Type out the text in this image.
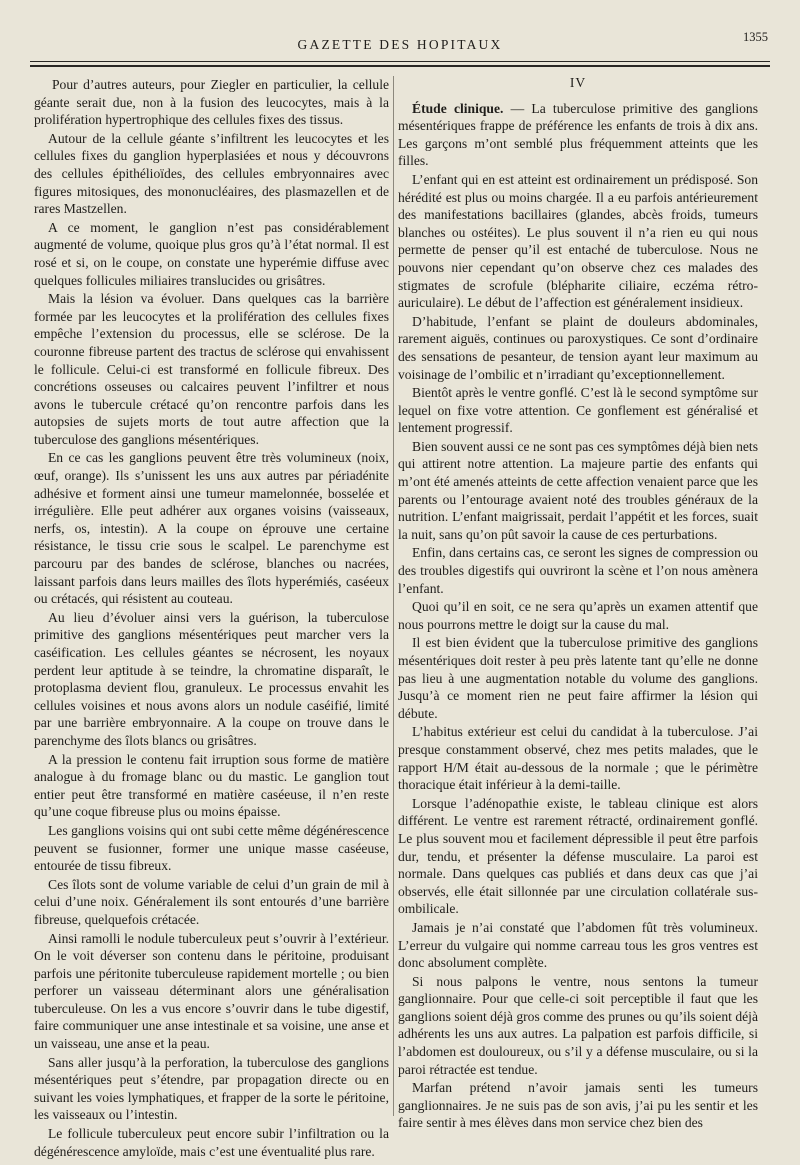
GAZETTE DES HOPITAUX	1355

Pour d’autres auteurs, pour Ziegler en particulier, la cellule géante serait due, non à la fusion des leucocytes, mais à la prolifération hypertrophique des cellules fixes des tissus.

Autour de la cellule géante s’infiltrent les leucocytes et les cellules fixes du ganglion hyperplasiées et nous y découvrons des cellules épithélioïdes, des cellules embryonnaires avec figures mitosiques, des mononucléaires, des plasmazellen et de rares Mastzellen.

A ce moment, le ganglion n’est pas considérablement augmenté de volume, quoique plus gros qu’à l’état normal. Il est rosé et si, on le coupe, on constate une hyperémie diffuse avec quelques follicules miliaires translucides ou grisâtres.

Mais la lésion va évoluer. Dans quelques cas la barrière formée par les leucocytes et la prolifération des cellules fixes empêche l’extension du processus, elle se sclérose. De la couronne fibreuse partent des tractus de sclérose qui envahissent le follicule. Celui-ci est transformé en follicule fibreux. Des concrétions osseuses ou calcaires peuvent l’infiltrer et nous avons le tubercule crétacé qu’on rencontre parfois dans les autopsies de sujets morts de tout autre affection que la tuberculose des ganglions mésentériques.

En ce cas les ganglions peuvent être très volumineux (noix, œuf, orange). Ils s’unissent les uns aux autres par périadénite adhésive et forment ainsi une tumeur mamelonnée, bosselée et irrégulière. Elle peut adhérer aux organes voisins (vaisseaux, nerfs, os, intestin). A la coupe on éprouve une certaine résistance, le tissu crie sous le scalpel. Le parenchyme est parcouru par des bandes de sclérose, blanches ou nacrées, laissant parfois dans leurs mailles des îlots hyperémiés, caséeux ou crétacés, qui résistent au couteau.

Au lieu d’évoluer ainsi vers la guérison, la tuberculose primitive des ganglions mésentériques peut marcher vers la caséification. Les cellules géantes se nécrosent, les noyaux perdent leur aptitude à se teindre, la chromatine disparaît, le protoplasma devient flou, granuleux. Le processus envahit les cellules voisines et nous avons alors un nodule caséifié, limité par une barrière embryonnaire. A la coupe on trouve dans le parenchyme des îlots blancs ou grisâtres.

A la pression le contenu fait irruption sous forme de matière analogue à du fromage blanc ou du mastic. Le ganglion tout entier peut être transformé en matière caséeuse, il n’en reste qu’une coque fibreuse plus ou moins épaisse.

Les ganglions voisins qui ont subi cette même dégénérescence peuvent se fusionner, former une unique masse caséeuse, entourée de tissu fibreux.

Ces îlots sont de volume variable de celui d’un grain de mil à celui d’une noix. Généralement ils sont entourés d’une barrière fibreuse, quelquefois crétacée.

Ainsi ramolli le nodule tuberculeux peut s’ouvrir à l’extérieur. On le voit déverser son contenu dans le péritoine, produisant parfois une péritonite tuberculeuse rapidement mortelle ; ou bien perforer un vaisseau déterminant alors une généralisation tuberculeuse. On les a vus encore s’ouvrir dans le tube digestif, faire communiquer une anse intestinale et sa voisine, une anse et un vaisseau, une anse et la peau.

Sans aller jusqu’à la perforation, la tuberculose des ganglions mésentériques peut s’étendre, par propagation directe ou en suivant les voies lymphatiques, et frapper de la sorte le péritoine, les vaisseaux ou l’intestin.

Le follicule tuberculeux peut encore subir l’infiltration ou la dégénérescence amyloïde, mais c’est une éventualité plus rare.

IV

Étude clinique. — La tuberculose primitive des ganglions mésentériques frappe de préférence les enfants de trois à dix ans. Les garçons m’ont semblé plus fréquemment atteints que les filles.

L’enfant qui en est atteint est ordinairement un prédisposé. Son hérédité est plus ou moins chargée. Il a eu parfois antérieurement des manifestations bacillaires (glandes, abcès froids, tumeurs blanches ou ostéites). Le plus souvent il n’a rien eu qui nous permette de penser qu’il est entaché de tuberculose. Nous ne pouvons nier cependant qu’on observe chez ces malades des stigmates de scrofule (blépharite ciliaire, eczéma rétro-auriculaire). Le début de l’affection est généralement insidieux.

D’habitude, l’enfant se plaint de douleurs abdominales, rarement aiguës, continues ou paroxystiques. Ce sont d’ordinaire des sensations de pesanteur, de tension ayant leur maximum au voisinage de l’ombilic et n’irradiant qu’exceptionnellement.

Bientôt après le ventre gonflé. C’est là le second symptôme sur lequel on fixe votre attention. Ce gonflement est généralisé et lentement progressif.

Bien souvent aussi ce ne sont pas ces symptômes déjà bien nets qui attirent notre attention. La majeure partie des enfants qui m’ont été amenés atteints de cette affection venaient parce que les parents ou l’entourage avaient noté des troubles généraux de la nutrition. L’enfant maigrissait, perdait l’appétit et les forces, suait la nuit, sans qu’on pût savoir la cause de ces perturbations.

Enfin, dans certains cas, ce seront les signes de compression ou des troubles digestifs qui ouvriront la scène et l’on nous amènera l’enfant.

Quoi qu’il en soit, ce ne sera qu’après un examen attentif que nous pourrons mettre le doigt sur la cause du mal.

Il est bien évident que la tuberculose primitive des ganglions mésentériques doit rester à peu près latente tant qu’elle ne donne pas lieu à une augmentation notable du volume des ganglions. Jusqu’à ce moment rien ne peut faire affirmer la lésion qui débute.

L’habitus extérieur est celui du candidat à la tuberculose. J’ai presque constamment observé, chez mes petits malades, que le rapport H/M était au-dessous de la normale ; que le périmètre thoracique était inférieur à la demi-taille.

Lorsque l’adénopathie existe, le tableau clinique est alors différent. Le ventre est rarement rétracté, ordinairement gonflé. Le plus souvent mou et facilement dépressible il peut être parfois dur, tendu, et présenter la défense musculaire. La paroi est normale. Dans quelques cas publiés et dans deux cas que j’ai observés, elle était sillonnée par une circulation collatérale sus-ombilicale.

Jamais je n’ai constaté que l’abdomen fût très volumineux. L’erreur du vulgaire qui nomme carreau tous les gros ventres est donc absolument complète.

Si nous palpons le ventre, nous sentons la tumeur ganglionnaire. Pour que celle-ci soit perceptible il faut que les ganglions soient déjà gros comme des prunes ou qu’ils soient déjà adhérents les uns aux autres. La palpation est parfois difficile, si l’abdomen est douloureux, ou s’il y a défense musculaire, ou si la paroi rétractée est tendue.

Marfan prétend n’avoir jamais senti les tumeurs ganglionnaires. Je ne suis pas de son avis, j’ai pu les sentir et les faire sentir à mes élèves dans mon service chez bien des
